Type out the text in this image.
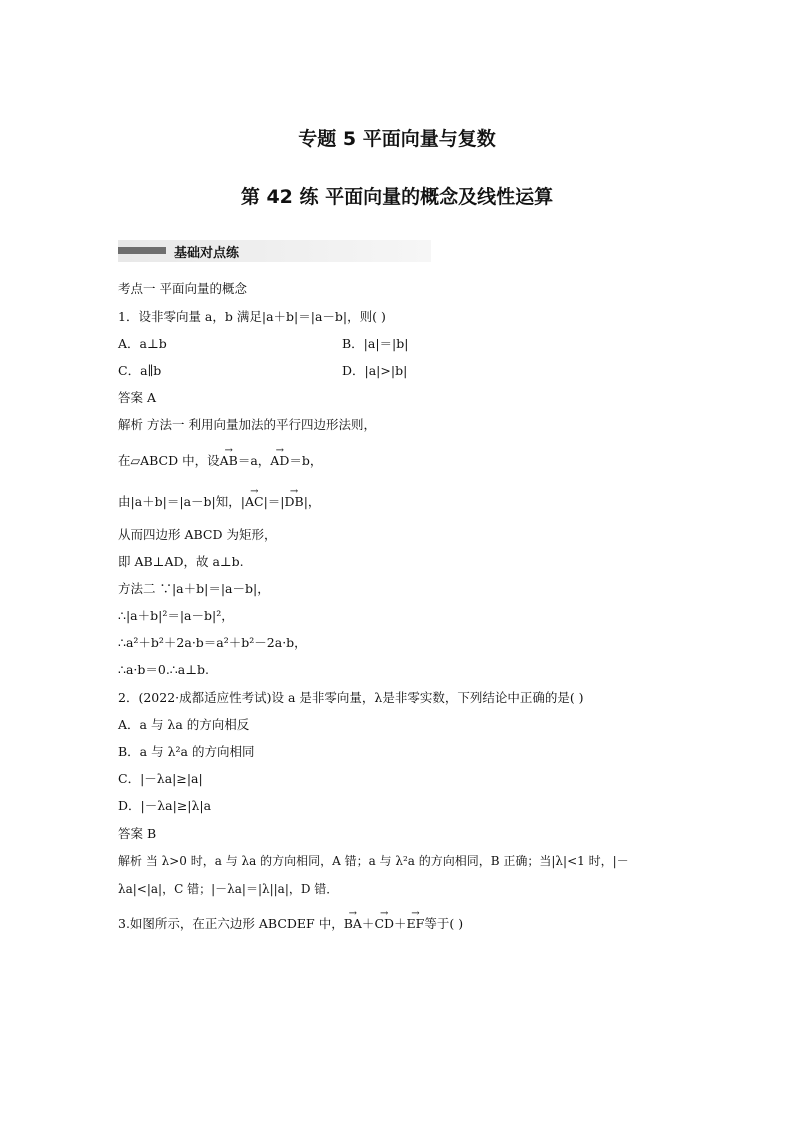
专题 5 平面向量与复数
第 42 练 平面向量的概念及线性运算
基础对点练
考点一 平面向量的概念
1．设非零向量 a，b 满足|a＋b|＝|a－b|，则( )
A．a⊥b	B．|a|＝|b|
C．a∥b	D．|a|>|b|
答案 A
解析 方法一 利用向量加法的平行四边形法则，
在▱ABCD 中，设→ AB＝a，→ AD＝b，
由|a＋b|＝|a－b|知，|→ AC|＝|→ DB|，
从而四边形 ABCD 为矩形，
即 AB⊥AD，故 a⊥b.
方法二 ∵|a＋b|＝|a－b|，
∴|a＋b|²＝|a－b|²，
∴a²＋b²＋2a·b＝a²＋b²－2a·b，
∴a·b＝0.∴a⊥b.
2．(2022·成都适应性考试)设 a 是非零向量，λ是非零实数，下列结论中正确的是( )
A．a 与 λa 的方向相反
B．a 与 λ²a 的方向相同
C．|－λa|≥|a|
D．|－λa|≥|λ|a
答案 B
解析 当 λ>0 时，a 与 λa 的方向相同，A 错；a 与 λ²a 的方向相同，B 正确；当|λ|<1 时，|－
λa|<|a|，C 错；|－λa|＝|λ||a|，D 错．
3.如图所示，在正六边形 ABCDEF 中，→ BA＋→ CD＋→ EF等于( )
